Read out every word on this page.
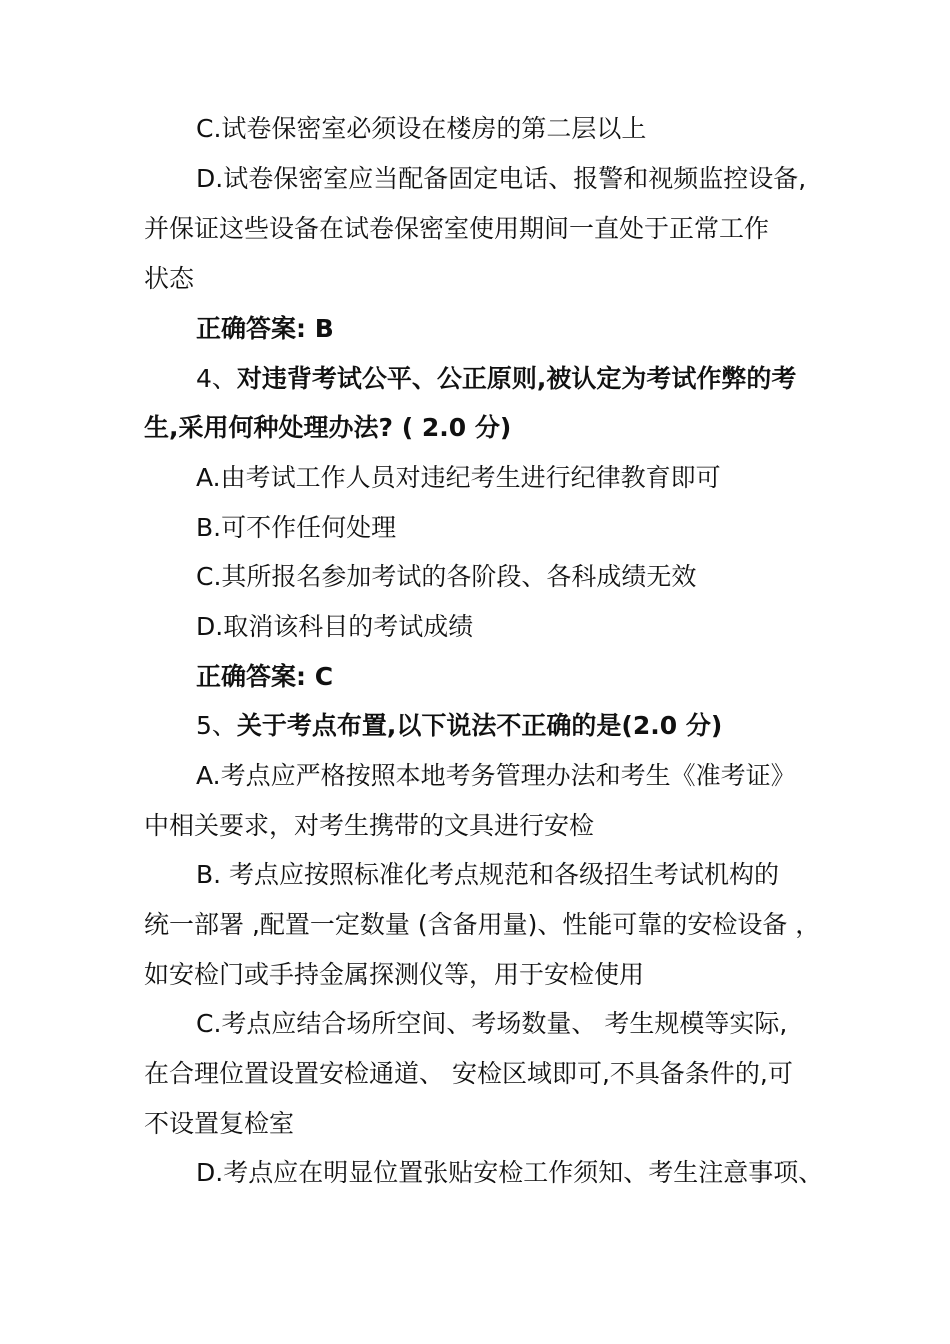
C.试卷保密室必须设在楼房的第二层以上

D.试卷保密室应当配备固定电话、报警和视频监控设备,

并保证这些设备在试卷保密室使用期间一直处于正常工作

状态

正确答案: B

4、对违背考试公平、公正原则,被认定为考试作弊的考

生,采用何种处理办法? ( 2.0 分)

A.由考试工作人员对违纪考生进行纪律教育即可

B.可不作任何处理

C.其所报名参加考试的各阶段、各科成绩无效

D.取消该科目的考试成绩

正确答案: C

5、关于考点布置,以下说法不正确的是(2.0 分)

A.考点应严格按照本地考务管理办法和考生《准考证》

中相关要求，对考生携带的文具进行安检

B. 考点应按照标准化考点规范和各级招生考试机构的

统一部署 ,配置一定数量 (含备用量)、性能可靠的安检设备 ，

如安检门或手持金属探测仪等，用于安检使用

C.考点应结合场所空间、考场数量、 考生规模等实际,

在合理位置设置安检通道、 安检区域即可,不具备条件的,可

不设置复检室

D.考点应在明显位置张贴安检工作须知、考生注意事项、
